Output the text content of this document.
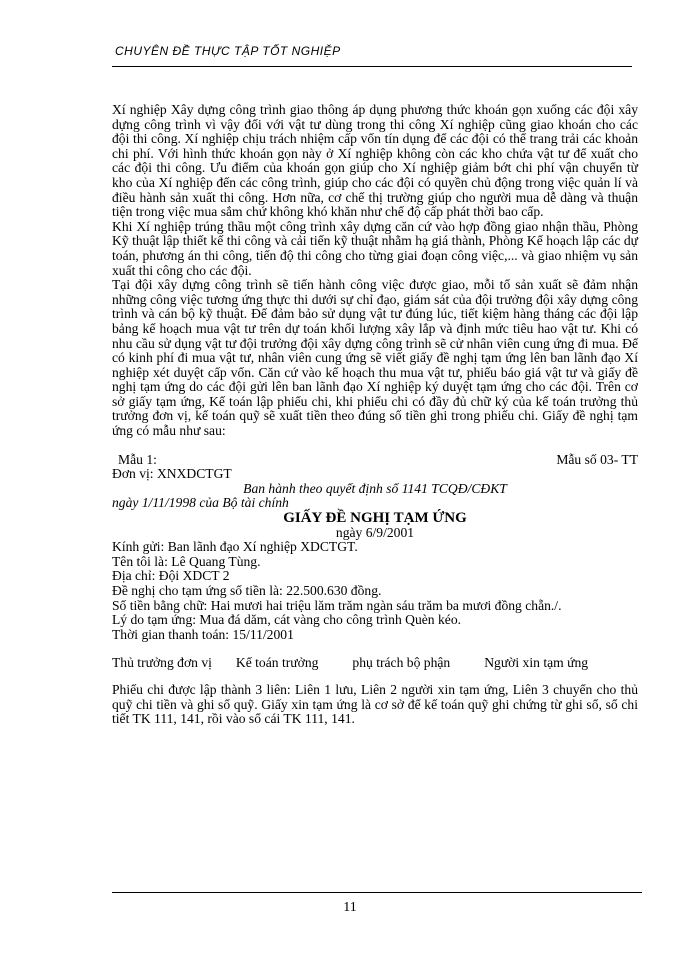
CHUYÊN ĐỀ THỰC TẬP TỐT NGHIỆP

Xí nghiệp Xây dựng công trình giao thông áp dụng phương thức khoán gọn xuống các đội xây dựng công trình vì vậy đối với vật tư dùng trong thi công Xí nghiệp cũng giao khoán cho các đội thi công. Xí nghiệp chịu trách nhiệm cấp vốn tín dụng để các đội có thể trang trải các khoản chi phí. Với hình thức khoán gọn này ở Xí nghiệp không còn các kho chứa vật tư để xuất cho các đội thi công. Ưu điểm của khoán gọn giúp cho Xí nghiệp giảm bớt chi phí vận chuyển từ kho của Xí nghiệp đến các công trình, giúp cho các đội có quyền chủ động trong việc quản lí và điều hành sản xuất thi công. Hơn nữa, cơ chế thị trường giúp cho người mua dễ dàng và thuận tiện trong việc mua sắm chứ không khó khăn như chế độ cấp phát thời bao cấp.

Khi Xí nghiệp trúng thầu một công trình xây dựng căn cứ vào hợp đồng giao nhận thầu, Phòng Kỹ thuật lập thiết kế thi công và cải tiến kỹ thuật nhằm hạ giá thành, Phòng Kế hoạch lập các dự toán, phương án thi công, tiến độ thi công cho từng giai đoạn công việc,... và giao nhiệm vụ sản xuất thi công cho các đội.

Tại đội xây dựng công trình sẽ tiến hành công việc được giao, mỗi tổ sản xuất sẽ đảm nhận những công việc tương ứng thực thi dưới sự chỉ đạo, giám sát của đội trưởng đội xây dựng công trình và cán bộ kỹ thuật. Để đảm bảo sử dụng vật tư đúng lúc, tiết kiệm hàng tháng các đội lập bảng kế hoạch mua vật tư trên dự toán khối lượng xây lắp và định mức tiêu hao vật tư. Khi có nhu cầu sử dụng vật tư đội trưởng đội xây dựng công trình sẽ cử nhân viên cung ứng đi mua. Để có kinh phí đi mua vật tư, nhân viên cung ứng sẽ viết giấy đề nghị tạm ứng lên ban lãnh đạo Xí nghiệp xét duyệt cấp vốn. Căn cứ vào kế hoạch thu mua vật tư, phiếu báo giá vật tư và giấy đề nghị tạm ứng do các đội gửi lên ban lãnh đạo Xí nghiệp ký duyệt tạm ứng cho các đội. Trên cơ sở giấy tạm ứng, Kế toán lập phiếu chi, khi phiếu chi có đầy đủ chữ ký của kế toán trưởng thủ trưởng đơn vị, kế toán quỹ sẽ xuất tiền theo đúng số tiền ghi trong phiếu chi. Giấy đề nghị tạm ứng có mẫu như sau:

Mẫu 1:	Mẫu số 03- TT

Đơn vị: XNXDCTGT

Ban hành theo quyết định số 1141 TCQĐ/CĐKT

ngày 1/11/1998 của Bộ tài chính

GIẤY ĐỀ NGHỊ TẠM ỨNG

ngày 6/9/2001

Kính gửi: Ban lãnh đạo Xí nghiệp XDCTGT.

Tên tôi là: Lê Quang Tùng.

Địa chỉ: Đội XDCT 2

Đề nghị cho tạm ứng số tiền là: 22.500.630 đồng.

Số tiền bằng chữ: Hai mươi hai triệu lăm trăm ngàn sáu trăm ba mươi đồng chẵn./.

Lý do tạm ứng: Mua đá dăm, cát vàng cho công trình Quèn kéo.

Thời gian thanh toán: 15/11/2001

Thủ trưởng đơn vị Kế toán trưởng	phụ trách bộ phận	Người xin tạm ứng

Phiếu chi được lập thành 3 liên: Liên 1 lưu, Liên 2 người xin tạm ứng, Liên 3 chuyển cho thủ quỹ chi tiền và ghi sổ quỹ. Giấy xin tạm ứng là cơ sở để kế toán quỹ ghi chứng từ ghi sổ, sổ chi tiết TK 111, 141, rồi vào sổ cái TK 111, 141.

11
